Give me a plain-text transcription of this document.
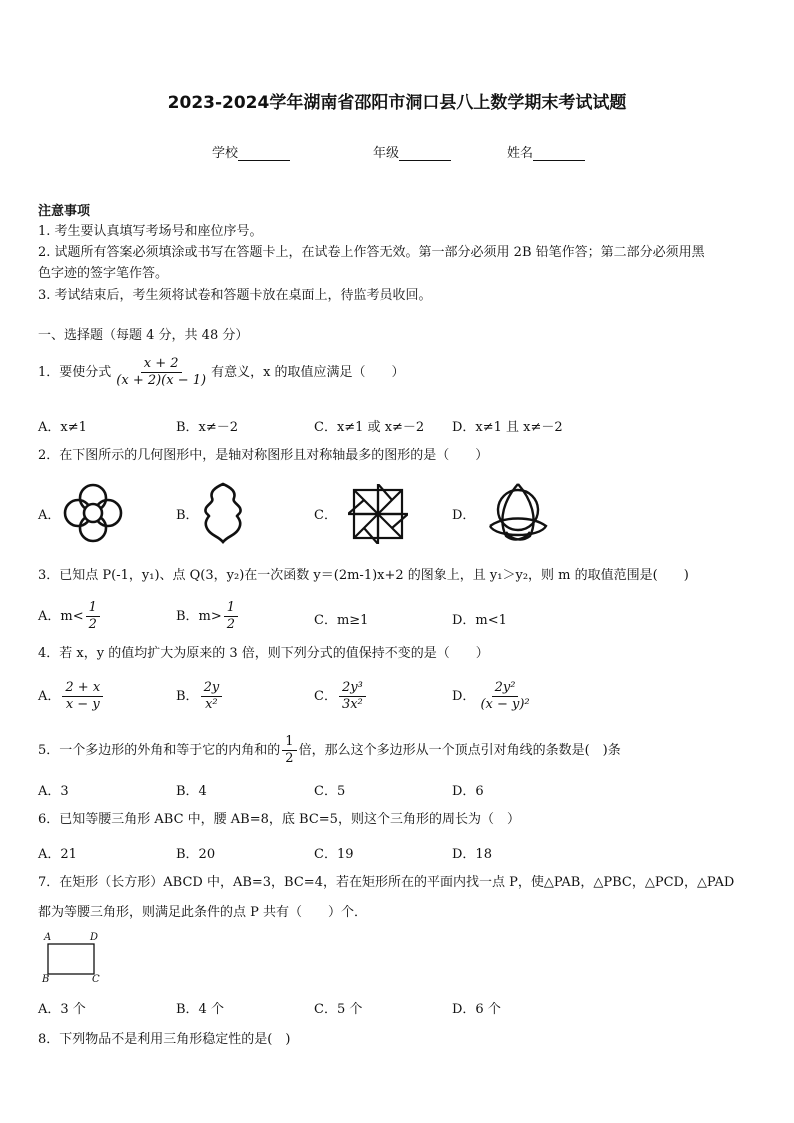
2023-2024学年湖南省邵阳市洞口县八上数学期末考试试题
学校	年级	姓名
注意事项
1. 考生要认真填写考场号和座位序号。
2. 试题所有答案必须填涂或书写在答题卡上，在试卷上作答无效。第一部分必须用 2B 铅笔作答；第二部分必须用黑
色字迹的签字笔作答。
3. 考试结束后，考生须将试卷和答题卡放在桌面上，待监考员收回。
一、选择题（每题 4 分，共 48 分）
1．要使分式 $\frac{x + 2}{(x + 2)(x - 1)}$ 有意义，x 的取值应满足（　　）
A．x≠1	B．x≠－2	C．x≠1 或 x≠－2 D．x≠1 且 x≠－2
2．在下图所示的几何图形中，是轴对称图形且对称轴最多的图形的是（　　）
A．	B．	C．	D．
3．已知点 P(-1，y₁)、点 Q(3，y₂)在一次函数 y＝(2m-1)x+2 的图象上，且 y₁＞y₂，则 m 的取值范围是(　　)
A．$m< \frac{1}{2}$	B．$m> \frac{1}{2}$	C．m≥1	D．m<1
4．若 x，y 的值均扩大为原来的 3 倍，则下列分式的值保持不变的是（　　）
A． $\frac{2 + x}{x - y}$	B． $\frac{2y}{\text{x²}}$	C． $\frac{\text{2y³}}{\text{3x²}}$	D． $\frac{\text{2y²}}{\text{(x − y)²}}$
5．一个多边形的外角和等于它的内角和的 $\frac{1}{2}$ 倍，那么这个多边形从一个顶点引对角线的条数是(　)条
A．3	B．4	C．5	D．6
6．已知等腰三角形 ABC 中，腰 AB=8，底 BC=5，则这个三角形的周长为（　）
A．21	B．20	C．19	D．18
7．在矩形（长方形）ABCD 中，AB=3，BC=4，若在矩形所在的平面内找一点 P，使△PAB，△PBC，△PCD，△PAD
都为等腰三角形，则满足此条件的点 P 共有（　　）个．
A	D
B	C
A．3 个	B．4 个	C．5 个	D．6 个
8．下列物品不是利用三角形稳定性的是(　)
